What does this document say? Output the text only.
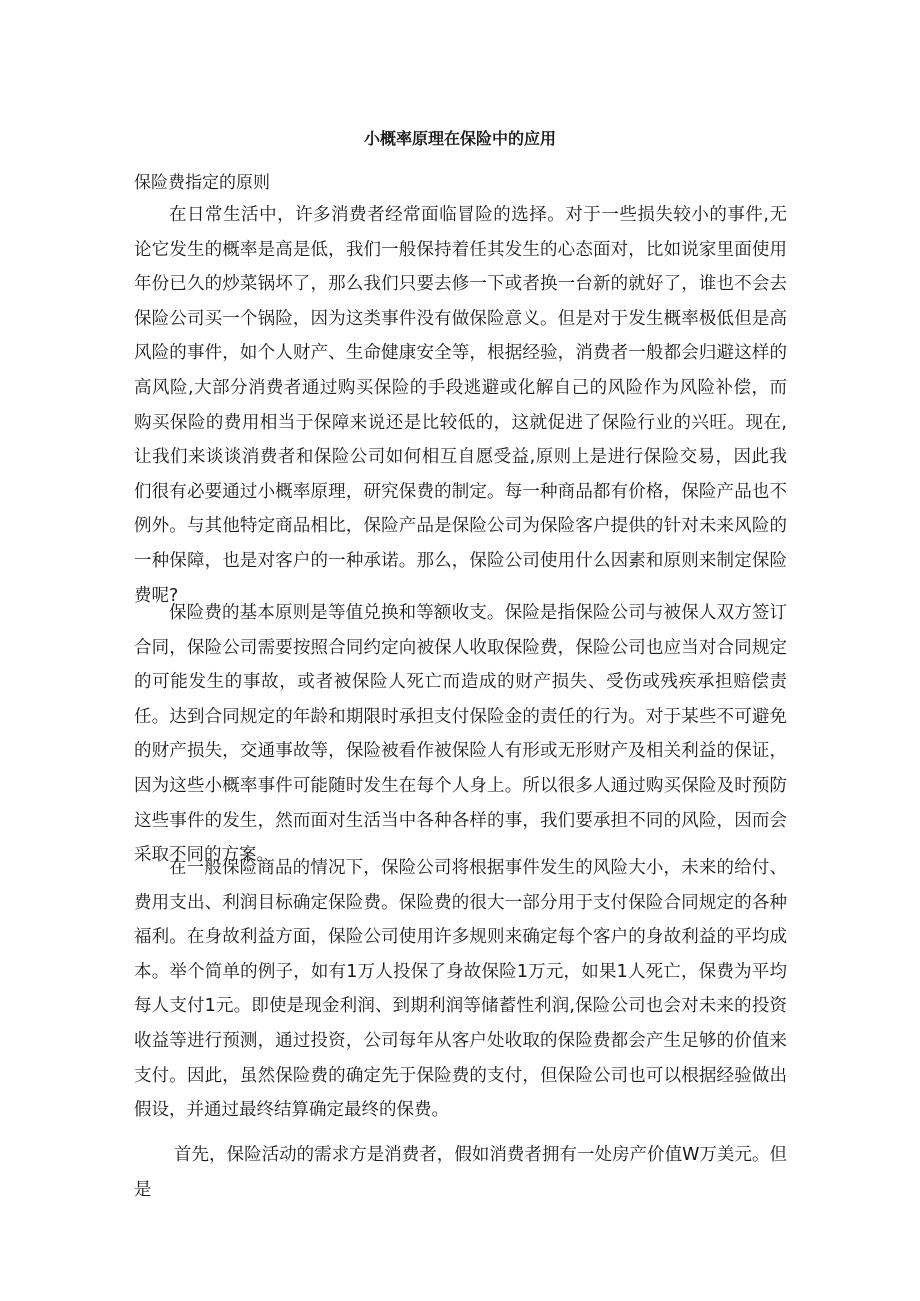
小概率原理在保险中的应用
保险费指定的原则

在日常生活中，许多消费者经常面临冒险的选择。对于一些损失较小的事件,无论它发生的概率是高是低，我们一般保持着任其发生的心态面对，比如说家里面使用年份已久的炒菜锅坏了，那么我们只要去修一下或者换一台新的就好了，谁也不会去保险公司买一个锅险，因为这类事件没有做保险意义。但是对于发生概率极低但是高风险的事件，如个人财产、生命健康安全等，根据经验，消费者一般都会归避这样的高风险,大部分消费者通过购买保险的手段逃避或化解自己的风险作为风险补偿，而购买保险的费用相当于保障来说还是比较低的，这就促进了保险行业的兴旺。现在,让我们来谈谈消费者和保险公司如何相互自愿受益,原则上是进行保险交易，因此我们很有必要通过小概率原理，研究保费的制定。每一种商品都有价格，保险产品也不例外。与其他特定商品相比，保险产品是保险公司为保险客户提供的针对未来风险的一种保障，也是对客户的一种承诺。那么，保险公司使用什么因素和原则来制定保险费呢?

保险费的基本原则是等值兑换和等额收支。保险是指保险公司与被保人双方签订合同，保险公司需要按照合同约定向被保人收取保险费，保险公司也应当对合同规定的可能发生的事故，或者被保险人死亡而造成的财产损失、受伤或残疾承担赔偿责任。达到合同规定的年龄和期限时承担支付保险金的责任的行为。对于某些不可避免的财产损失，交通事故等，保险被看作被保险人有形或无形财产及相关利益的保证，因为这些小概率事件可能随时发生在每个人身上。所以很多人通过购买保险及时预防这些事件的发生，然而面对生活当中各种各样的事，我们要承担不同的风险，因而会采取不同的方案。

在一般保险商品的情况下，保险公司将根据事件发生的风险大小，未来的给付、费用支出、利润目标确定保险费。保险费的很大一部分用于支付保险合同规定的各种福利。在身故利益方面，保险公司使用许多规则来确定每个客户的身故利益的平均成本。举个简单的例子，如有1万人投保了身故保险1万元，如果1人死亡，保费为平均每人支付1元。即使是现金利润、到期利润等储蓄性利润,保险公司也会对未来的投资收益等进行预测，通过投资，公司每年从客户处收取的保险费都会产生足够的价值来支付。因此，虽然保险费的确定先于保险费的支付，但保险公司也可以根据经验做出假设，并通过最终结算确定最终的保费。

首先，保险活动的需求方是消费者，假如消费者拥有一处房产价值W万美元。但是
